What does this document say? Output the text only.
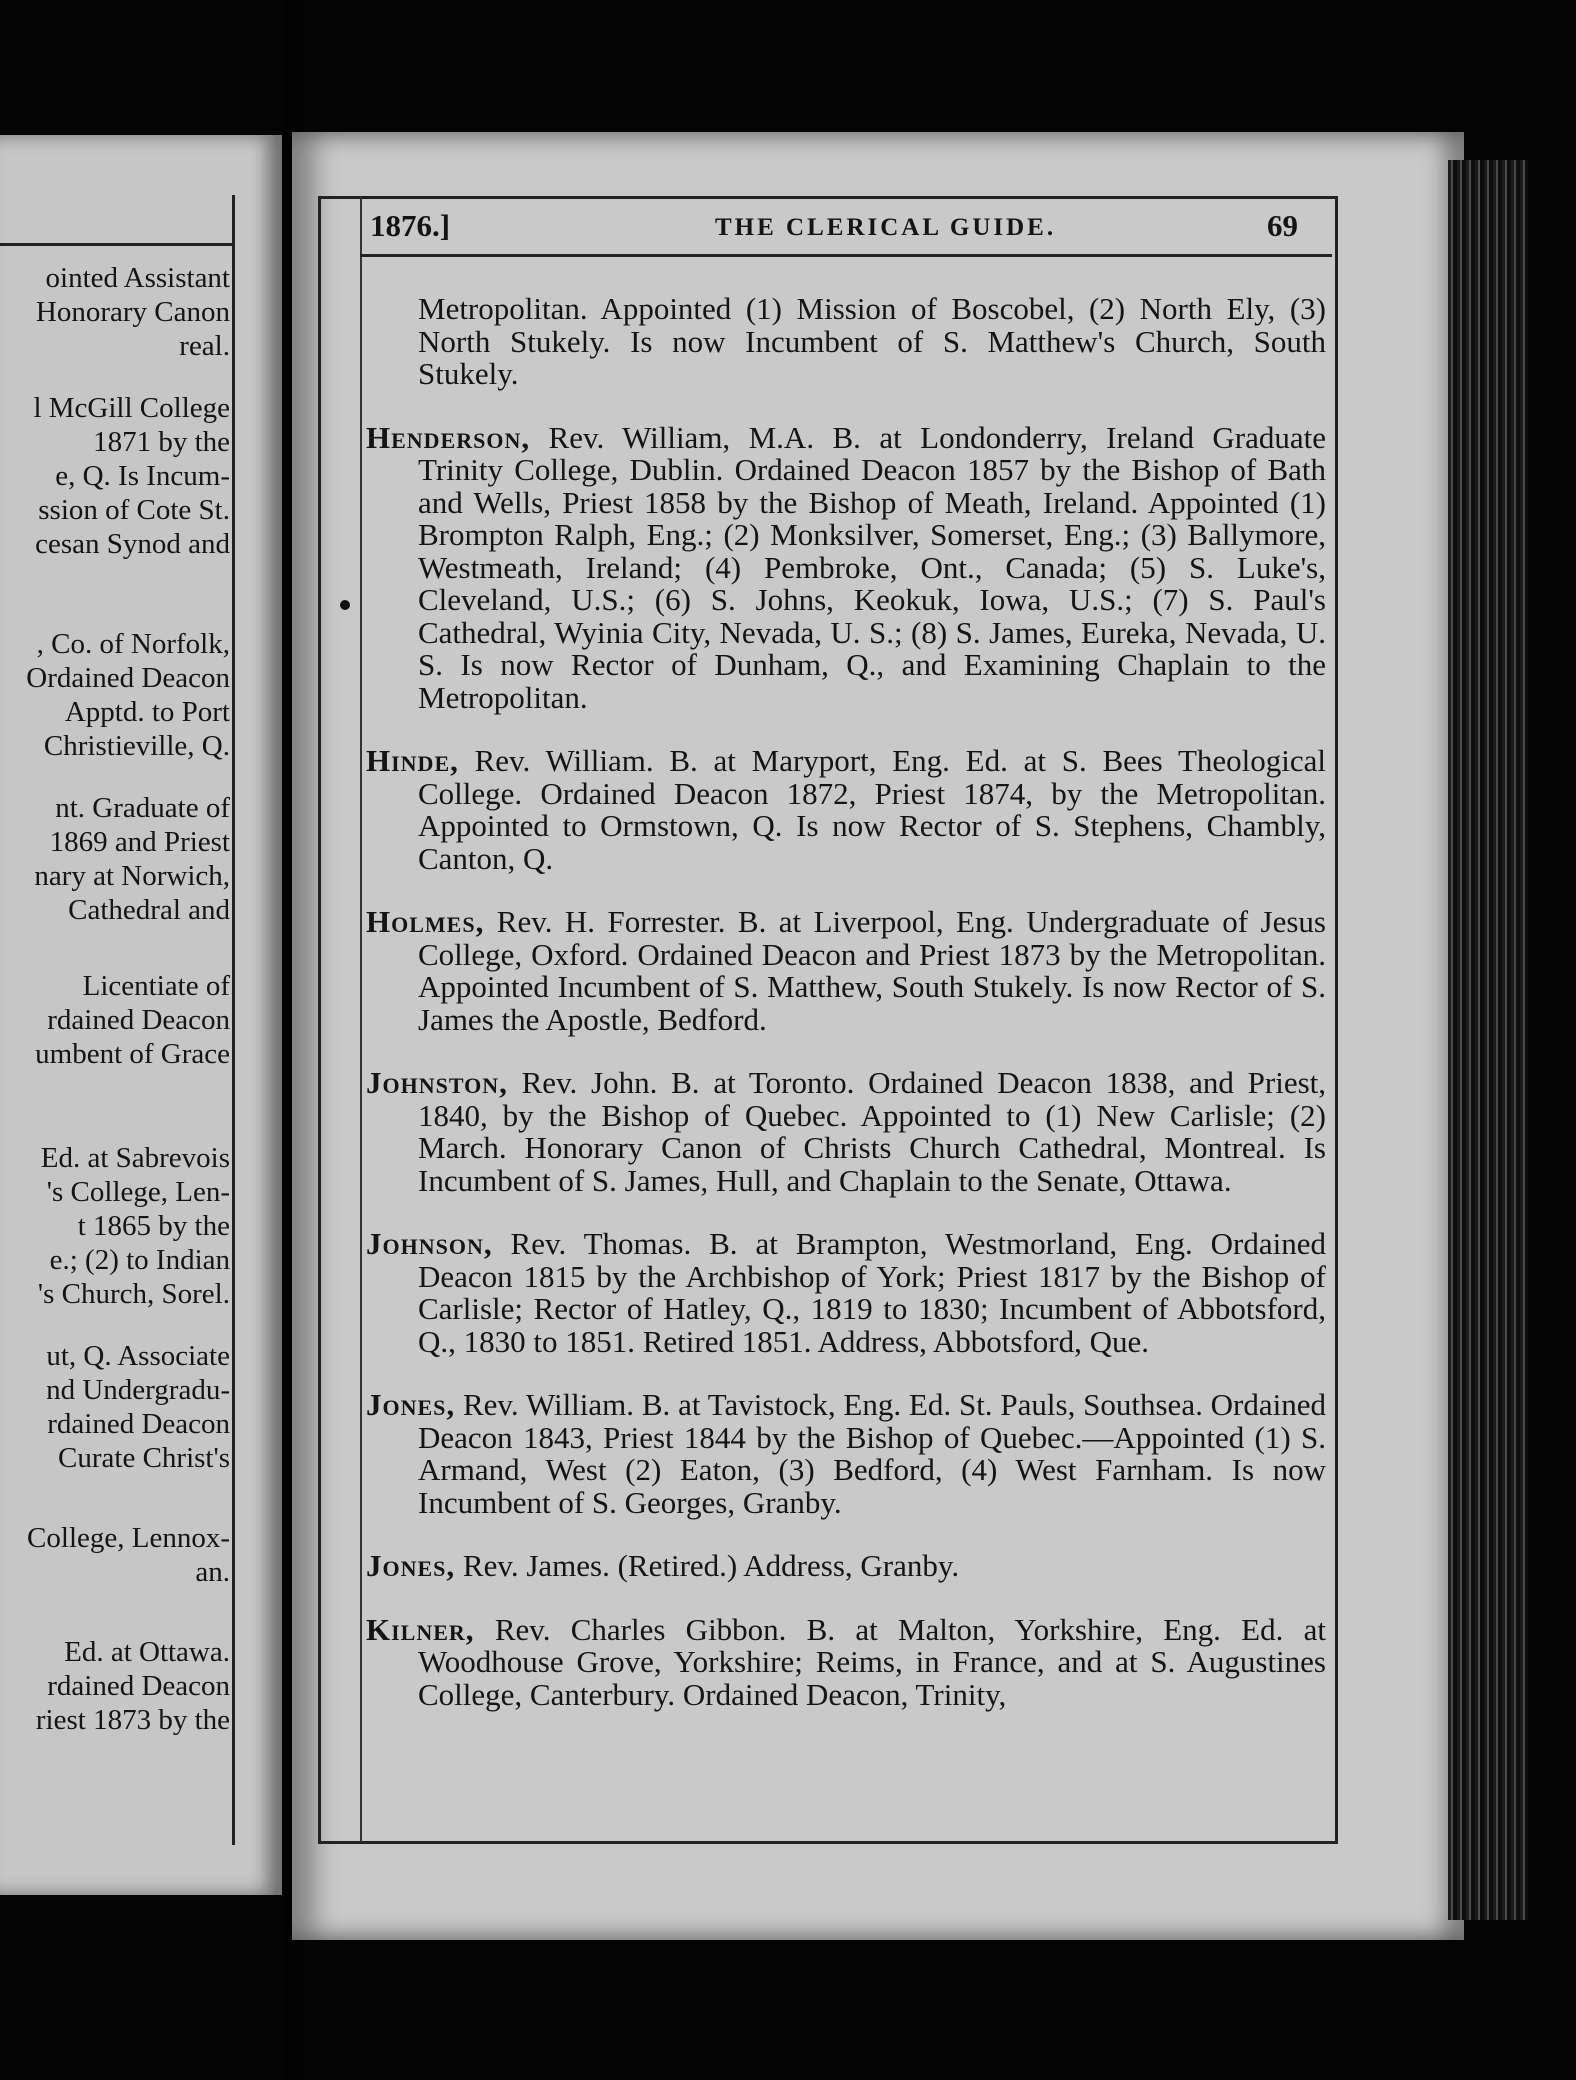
ointed Assistant
Honorary Canon
real.
l McGill College
1871 by the
e, Q. Is Incum-
ssion of Cote St.
cesan Synod and
, Co. of Norfolk,
Ordained Deacon
Apptd. to Port
Christieville, Q.
nt. Graduate of
1869 and Priest
nary at Norwich,
Cathedral and
Licentiate of
rdained Deacon
umbent of Grace
Ed. at Sabrevois
's College, Len-
t 1865 by the
e.; (2) to Indian
's Church, Sorel.
ut, Q. Associate
nd Undergradu-
rdained Deacon
Curate Christ's
College, Lennox-
an.
Ed. at Ottawa.
rdained Deacon
riest 1873 by the
1876.]	THE CLERICAL GUIDE.	69

Metropolitan. Appointed (1) Mission of Boscobel, (2) North Ely, (3) North Stukely. Is now Incumbent of S. Matthew's Church, South Stukely.

Henderson, Rev. William, M.A. B. at Londonderry, Ireland Graduate Trinity College, Dublin. Ordained Deacon 1857 by the Bishop of Bath and Wells, Priest 1858 by the Bishop of Meath, Ireland. Appointed (1) Brompton Ralph, Eng.; (2) Monksilver, Somerset, Eng.; (3) Ballymore, Westmeath, Ireland; (4) Pembroke, Ont., Canada; (5) S. Luke's, Cleveland, U.S.; (6) S. Johns, Keokuk, Iowa, U.S.; (7) S. Paul's Cathedral, Wyinia City, Nevada, U. S.; (8) S. James, Eureka, Nevada, U. S. Is now Rector of Dunham, Q., and Examining Chaplain to the Metropolitan.

Hinde, Rev. William. B. at Maryport, Eng. Ed. at S. Bees Theological College. Ordained Deacon 1872, Priest 1874, by the Metropolitan. Appointed to Ormstown, Q. Is now Rector of S. Stephens, Chambly, Canton, Q.

Holmes, Rev. H. Forrester. B. at Liverpool, Eng. Undergraduate of Jesus College, Oxford. Ordained Deacon and Priest 1873 by the Metropolitan. Appointed Incumbent of S. Matthew, South Stukely. Is now Rector of S. James the Apostle, Bedford.

Johnston, Rev. John. B. at Toronto. Ordained Deacon 1838, and Priest, 1840, by the Bishop of Quebec. Appointed to (1) New Carlisle; (2) March. Honorary Canon of Christs Church Cathedral, Montreal. Is Incumbent of S. James, Hull, and Chaplain to the Senate, Ottawa.

Johnson, Rev. Thomas. B. at Brampton, Westmorland, Eng. Ordained Deacon 1815 by the Archbishop of York; Priest 1817 by the Bishop of Carlisle; Rector of Hatley, Q., 1819 to 1830; Incumbent of Abbotsford, Q., 1830 to 1851. Retired 1851. Address, Abbotsford, Que.

Jones, Rev. William. B. at Tavistock, Eng. Ed. St. Pauls, Southsea. Ordained Deacon 1843, Priest 1844 by the Bishop of Quebec.—Appointed (1) S. Armand, West (2) Eaton, (3) Bedford, (4) West Farnham. Is now Incumbent of S. Georges, Granby.

Jones, Rev. James. (Retired.) Address, Granby.

Kilner, Rev. Charles Gibbon. B. at Malton, Yorkshire, Eng. Ed. at Woodhouse Grove, Yorkshire; Reims, in France, and at S. Augustines College, Canterbury. Ordained Deacon, Trinity,
